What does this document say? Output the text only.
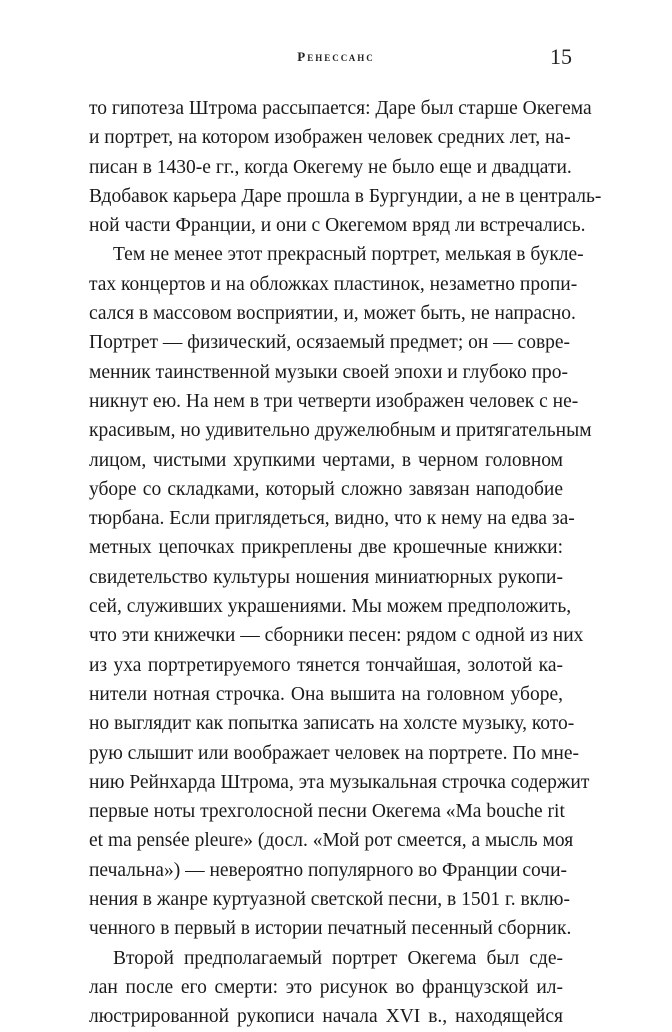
Ренессанс	15
то гипотеза Штрома рассыпается: Даре был старше Окегема
и портрет, на котором изображен человек средних лет, на-
писан в 1430-е гг., когда Окегему не было еще и двадцати.
Вдобавок карьера Даре прошла в Бургундии, а не в централь-
ной части Франции, и они с Окегемом вряд ли встречались.
Тем не менее этот прекрасный портрет, мелькая в букле-
тах концертов и на обложках пластинок, незаметно пропи-
сался в массовом восприятии, и, может быть, не напрасно.
Портрет — физический, осязаемый предмет; он — совре-
менник таинственной музыки своей эпохи и глубоко про-
никнут ею. На нем в три четверти изображен человек с не-
красивым, но удивительно дружелюбным и притягательным
лицом, чистыми хрупкими чертами, в черном головном
уборе со складками, который сложно завязан наподобие
тюрбана. Если приглядеться, видно, что к нему на едва за-
метных цепочках прикреплены две крошечные книжки:
свидетельство культуры ношения миниатюрных рукопи-
сей, служивших украшениями. Мы можем предположить,
что эти книжечки — сборники песен: рядом с одной из них
из уха портретируемого тянется тончайшая, золотой ка-
нители нотная строчка. Она вышита на головном уборе,
но выглядит как попытка записать на холсте музыку, кото-
рую слышит или воображает человек на портрете. По мне-
нию Рейнхарда Штрома, эта музыкальная строчка содержит
первые ноты трехголосной песни Окегема «Ma bouche rit
et ma pensée pleure» (досл. «Мой рот смеется, а мысль моя
печальна») — невероятно популярного во Франции сочи-
нения в жанре куртуазной светской песни, в 1501 г. вклю-
ченного в первый в истории печатный песенный сборник.
Второй предполагаемый портрет Окегема был сде-
лан после его смерти: это рисунок во французской ил-
люстрированной рукописи начала XVI в., находящейся
